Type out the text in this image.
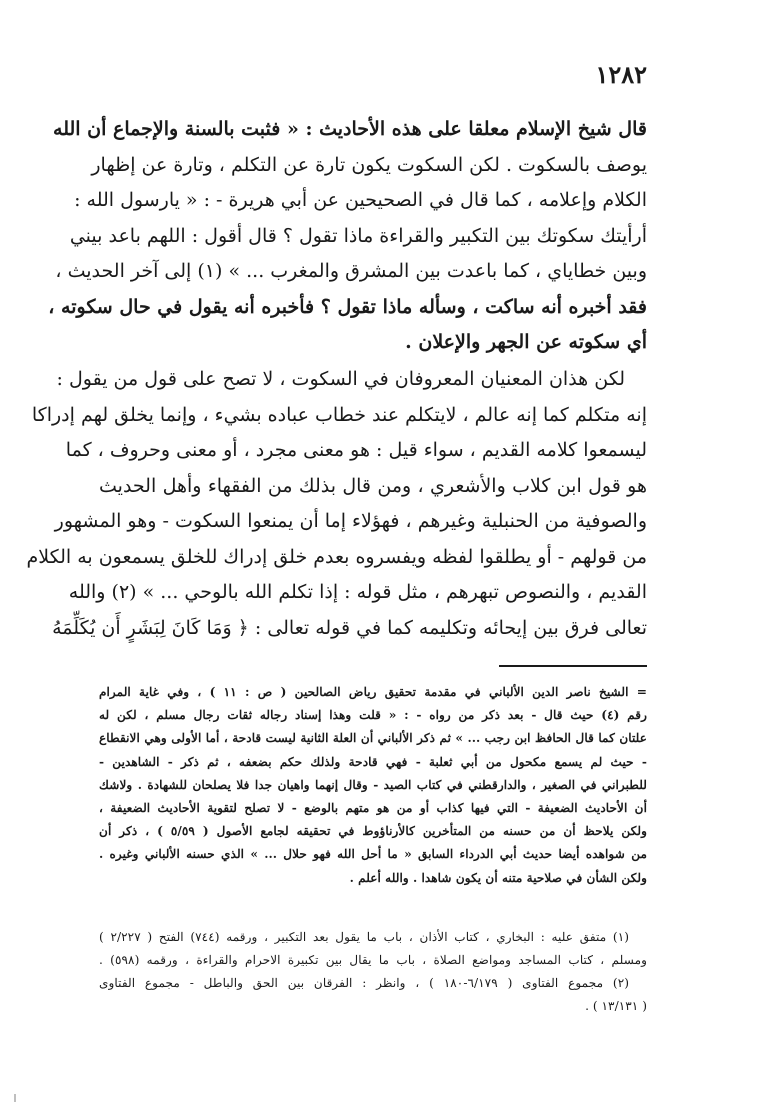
١٢٨٢
قال شيخ الإسلام معلقا على هذه الأحاديث : « فثبت بالسنة والإجماع أن الله
يوصف بالسكوت . لكن السكوت يكون تارة عن التكلم ، وتارة عن إظهار
الكلام وإعلامه ، كما قال في الصحيحين عن أبي هريرة - : « يارسول الله :
أرأيتك سكوتك بين التكبير والقراءة ماذا تقول ؟ قال أقول : اللهم باعد بيني
وبين خطاياي ، كما باعدت بين المشرق والمغرب ... » (١) إلى آخر الحديث ،
فقد أخبره أنه ساكت ، وسأله ماذا تقول ؟ فأخبره أنه يقول في حال سكوته ،
أي سكوته عن الجهر والإعلان .
لكن هذان المعنيان المعروفان في السكوت ، لا تصح على قول من يقول :
إنه متكلم كما إنه عالم ، لايتكلم عند خطاب عباده بشيء ، وإنما يخلق لهم إدراكا
ليسمعوا كلامه القديم ، سواء قيل : هو معنى مجرد ، أو معنى وحروف ، كما
هو قول ابن كلاب والأشعري ، ومن قال بذلك من الفقهاء وأهل الحديث
والصوفية من الحنبلية وغيرهم ، فهؤلاء إما أن يمنعوا السكوت - وهو المشهور
من قولهم - أو يطلقوا لفظه ويفسروه بعدم خلق إدراك للخلق يسمعون به الكلام
القديم ، والنصوص تبهرهم ، مثل قوله : إذا تكلم الله بالوحي ... » (٢) والله
تعالى فرق بين إيحائه وتكليمه كما في قوله تعالى : ﴿ وَمَا كَانَ لِبَشَرٍ أَن يُكَلِّمَهُ
= الشيخ ناصر الدين الألباني في مقدمة تحقيق رياض الصالحين ( ص : ١١ ) ، وفي غاية المرام
رقم (٤) حيث قال - بعد ذكر من رواه - : « قلت وهذا إسناد رجاله ثقات رجال مسلم ، لكن له
علتان كما قال الحافظ ابن رجب ... » ثم ذكر الألباني أن العلة الثانية ليست قادحة ، أما الأولى وهي الانقطاع
- حيث لم يسمع مكحول من أبي ثعلبة - فهي قادحة ولذلك حكم بضعفه ، ثم ذكر - الشاهدين -
للطبراني في الصغير ، والدارقطني في كتاب الصيد - وقال إنهما واهيان جدا فلا يصلحان للشهادة . ولاشك
أن الأحاديث الضعيفة - التي فيها كذاب أو من هو متهم بالوضع - لا تصلح لتقوية الأحاديث الضعيفة ،
ولكن يلاحظ أن من حسنه من المتأخرين كالأرناؤوط في تحقيقه لجامع الأصول ( ٥/٥٩ ) ، ذكر أن
من شواهده أيضا حديث أبي الدرداء السابق « ما أحل الله فهو حلال ... » الذي حسنه الألباني وغيره .
ولكن الشأن في صلاحية متنه أن يكون شاهدا . والله أعلم .
(١) متفق عليه : البخاري ، كتاب الأذان ، باب ما يقول بعد التكبير ، ورقمه (٧٤٤) الفتح ( ٢/٢٢٧ )
ومسلم ، كتاب المساجد ومواضع الصلاة ، باب ما يقال بين تكبيرة الاحرام والقراءة ، ورقمه (٥٩٨) .
(٢) مجموع الفتاوى ( ٦/١٧٩-١٨٠ ) ، وانظر : الفرقان بين الحق والباطل - مجموع الفتاوى
( ١٣/١٣١ ) .
